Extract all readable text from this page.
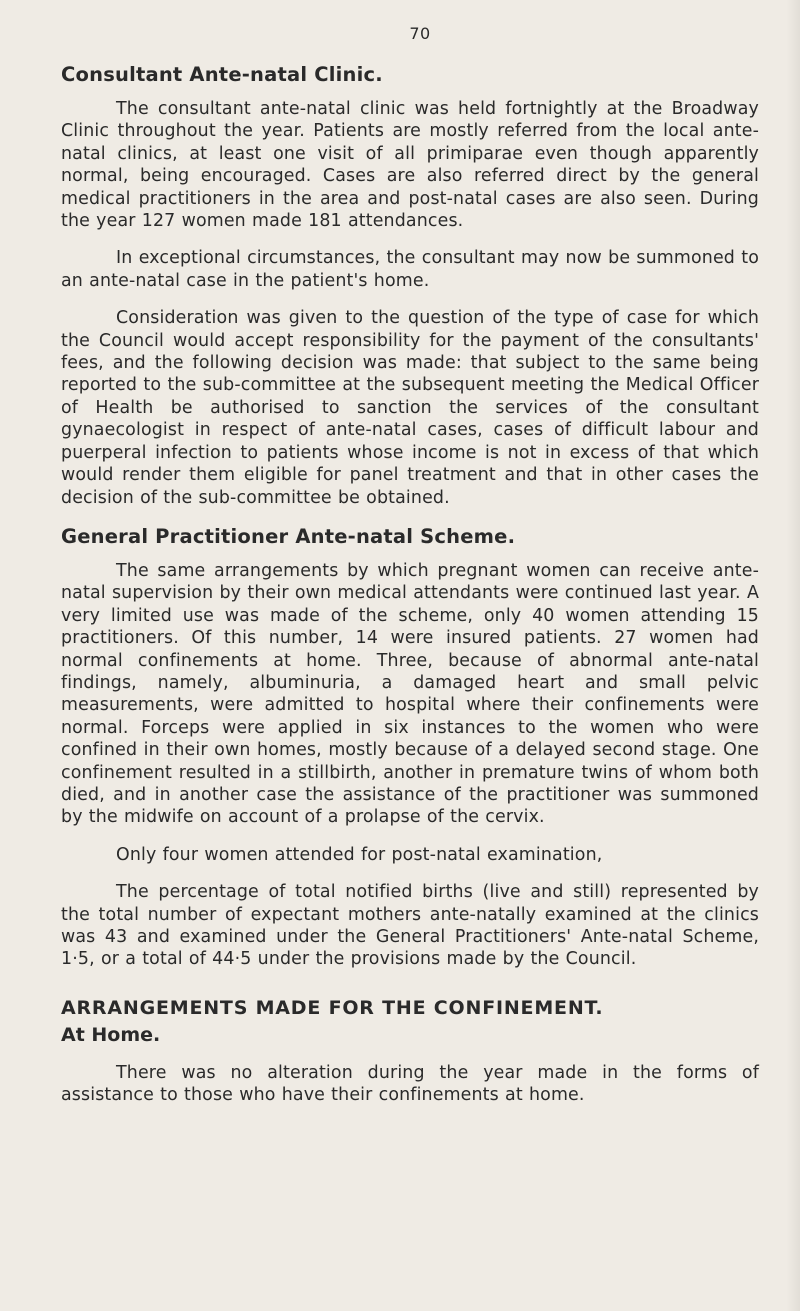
70
Consultant Ante-natal Clinic.

The consultant ante-natal clinic was held fortnightly at the Broadway Clinic throughout the year. Patients are mostly referred from the local ante-natal clinics, at least one visit of all primiparae even though apparently normal, being encouraged. Cases are also referred direct by the general medical practitioners in the area and post-natal cases are also seen. During the year 127 women made 181 attendances.

In exceptional circumstances, the consultant may now be summoned to an ante-natal case in the patient's home.

Consideration was given to the question of the type of case for which the Council would accept responsibility for the payment of the consultants' fees, and the following decision was made: that subject to the same being reported to the sub-committee at the subsequent meeting the Medical Officer of Health be authorised to sanction the services of the consultant gynaecologist in respect of ante-natal cases, cases of difficult labour and puerperal infection to patients whose income is not in excess of that which would render them eligible for panel treatment and that in other cases the decision of the sub-committee be obtained.

General Practitioner Ante-natal Scheme.

The same arrangements by which pregnant women can receive ante-natal supervision by their own medical attendants were continued last year. A very limited use was made of the scheme, only 40 women attending 15 practitioners. Of this number, 14 were insured patients. 27 women had normal confinements at home. Three, because of abnormal ante-natal findings, namely, albuminuria, a damaged heart and small pelvic measurements, were admitted to hospital where their confinements were normal. Forceps were applied in six instances to the women who were confined in their own homes, mostly because of a delayed second stage. One confinement resulted in a stillbirth, another in premature twins of whom both died, and in another case the assistance of the practitioner was summoned by the midwife on account of a prolapse of the cervix.

Only four women attended for post-natal examination,

The percentage of total notified births (live and still) represented by the total number of expectant mothers ante-natally examined at the clinics was 43 and examined under the General Practitioners' Ante-natal Scheme, 1·5, or a total of 44·5 under the provisions made by the Council.

ARRANGEMENTS MADE FOR THE CONFINEMENT.
At Home.

There was no alteration during the year made in the forms of assistance to those who have their confinements at home.
